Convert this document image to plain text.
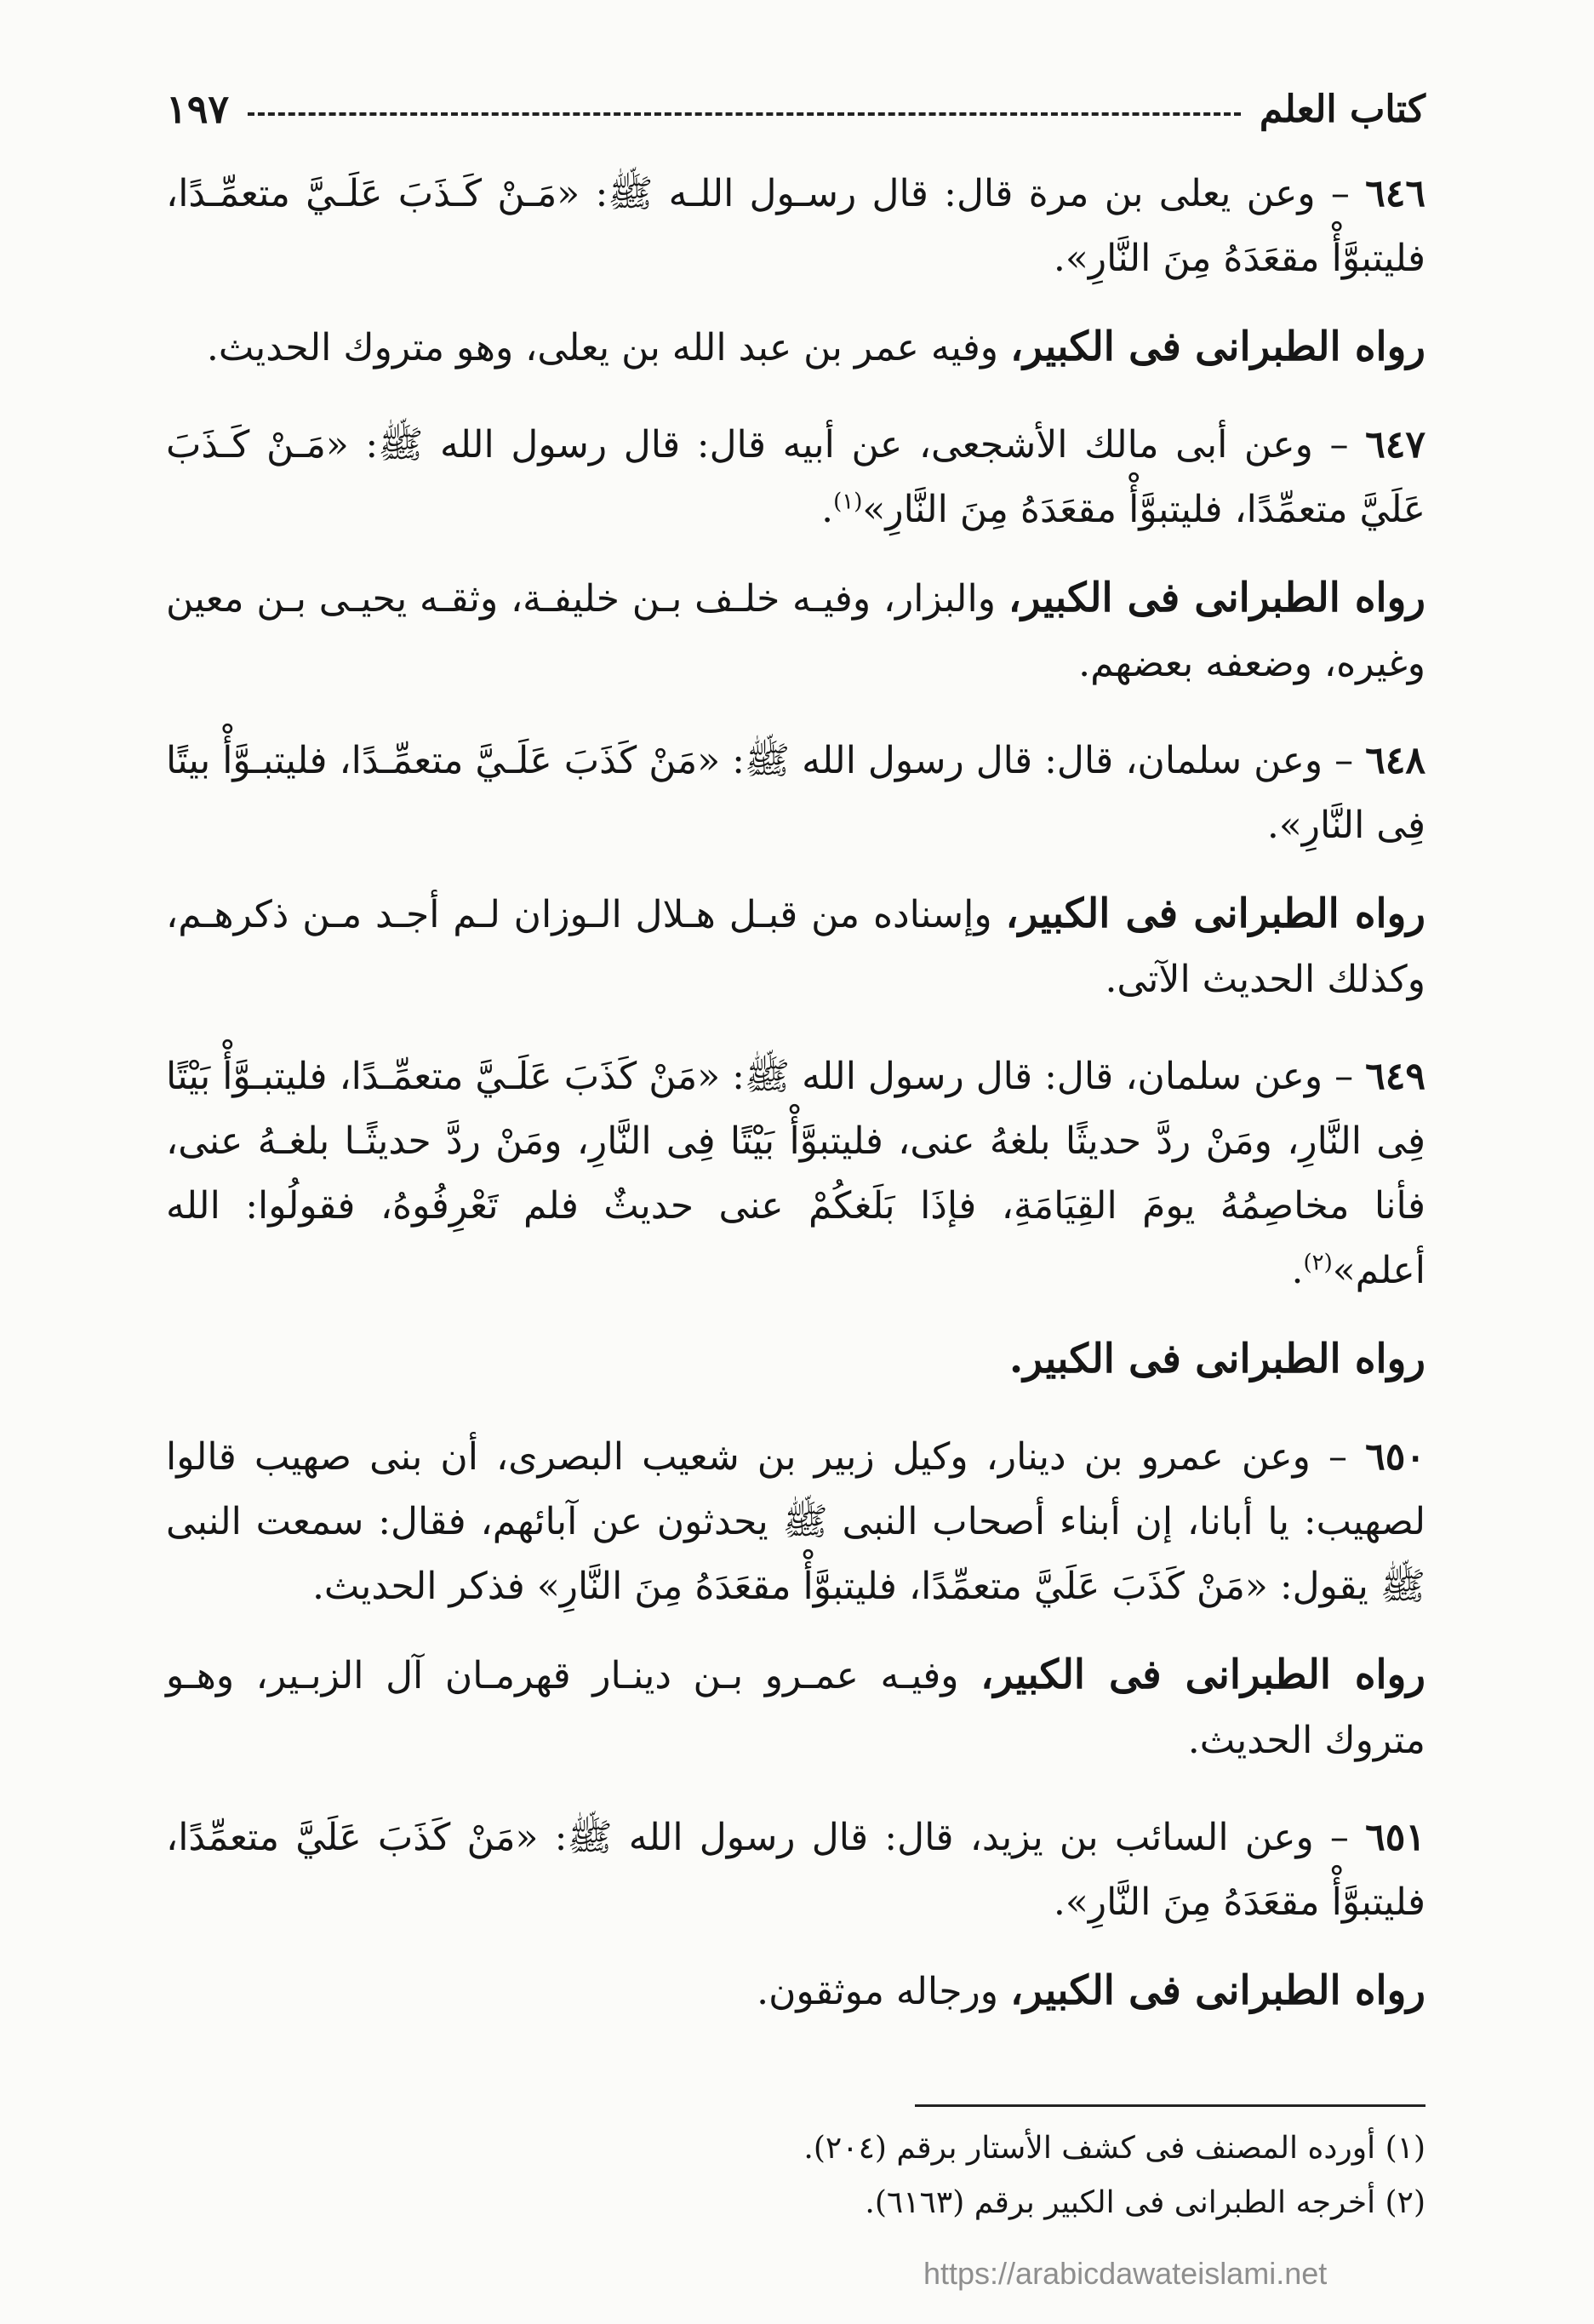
كتاب العلم
١٩٧

٦٤٦ – وعن يعلى بن مرة قال: قال رسـول اللـه ﷺ: «مَـنْ كَـذَبَ عَلَـيَّ متعمِّـدًا، فليتبوَّأْ مقعَدَهُ مِنَ النَّارِ».

رواه الطبرانى فى الكبير، وفيه عمر بن عبد الله بن يعلى، وهو متروك الحديث.

٦٤٧ – وعن أبى مالك الأشجعى، عن أبيه قال: قال رسول الله ﷺ: «مَـنْ كَـذَبَ عَلَيَّ متعمِّدًا، فليتبوَّأْ مقعَدَهُ مِنَ النَّارِ»$^{(١)}$.

رواه الطبرانى فى الكبير، والبزار، وفيـه خلـف بـن خليفـة، وثقـه يحيـى بـن معين وغيره، وضعفه بعضهم.

٦٤٨ – وعن سلمان، قال: قال رسول الله ﷺ: «مَنْ كَذَبَ عَلَـيَّ متعمِّـدًا، فليتبـوَّأْ بيتًا فِى النَّارِ».

رواه الطبرانى فى الكبير، وإسناده من قبـل هـلال الـوزان لـم أجـد مـن ذكرهـم، وكذلك الحديث الآتى.

٦٤٩ – وعن سلمان، قال: قال رسول الله ﷺ: «مَنْ كَذَبَ عَلَـيَّ متعمِّـدًا، فليتبـوَّأْ بَيْتًا فِى النَّارِ، ومَنْ ردَّ حديثًا بلغهُ عنى، فليتبوَّأْ بَيْتًا فِى النَّارِ، ومَنْ ردَّ حديثًـا بلغـهُ عنى، فأنا مخاصِمُهُ يومَ القِيَامَةِ، فإذَا بَلَغكُمْ عنى حديثٌ فلم تَعْرِفُوهُ، فقولُوا: الله أعلم»$^{(٢)}$.

رواه الطبرانى فى الكبير.

٦٥٠ – وعن عمرو بن دينار، وكيل زبير بن شعيب البصرى، أن بنى صهيب قالوا لصهيب: يا أبانا، إن أبناء أصحاب النبى ﷺ يحدثون عن آبائهم، فقال: سمعت النبى ﷺ يقول: «مَنْ كَذَبَ عَلَيَّ متعمِّدًا، فليتبوَّأْ مقعَدَهُ مِنَ النَّارِ» فذكر الحديث.

رواه الطبرانى فى الكبير، وفيـه عمـرو بـن دينـار قهرمـان آل الزبـير، وهـو متروك الحديث.

٦٥١ – وعن السائب بن يزيد، قال: قال رسول الله ﷺ: «مَنْ كَذَبَ عَلَيَّ متعمِّدًا، فليتبوَّأْ مقعَدَهُ مِنَ النَّارِ».

رواه الطبرانى فى الكبير، ورجاله موثقون.

(١) أورده المصنف فى كشف الأستار برقم (٢٠٤).

(٢) أخرجه الطبرانى فى الكبير برقم (٦١٦٣).

https://arabicdawateislami.net
